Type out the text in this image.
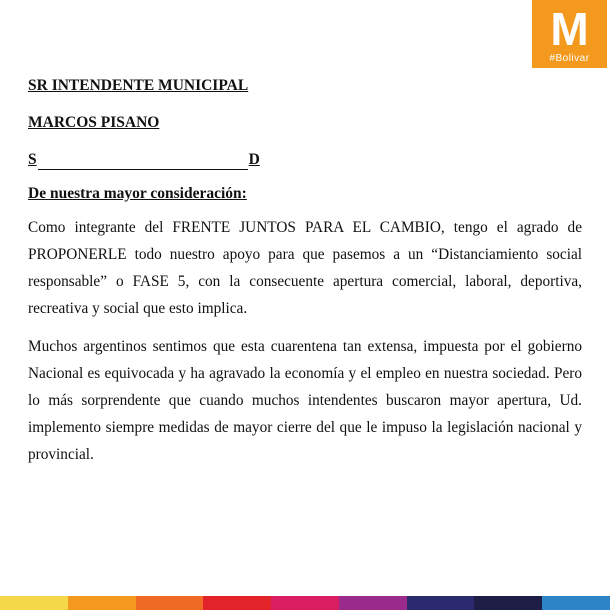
M
#Bolivar

SR INTENDENTE MUNICIPAL

MARCOS PISANO

S	D

De nuestra mayor consideración:

Como integrante del FRENTE JUNTOS PARA EL CAMBIO, tengo el agrado de PROPONERLE todo nuestro apoyo para que pasemos a un “Distanciamiento social responsable” o FASE 5, con la consecuente apertura comercial, laboral, deportiva, recreativa y social que esto implica.

Muchos argentinos sentimos que esta cuarentena tan extensa, impuesta por el gobierno Nacional es equivocada y ha agravado la economía y el empleo en nuestra sociedad. Pero lo más sorprendente que cuando muchos intendentes buscaron mayor apertura, Ud. implemento siempre medidas de mayor cierre del que le impuso la legislación nacional y provincial.
